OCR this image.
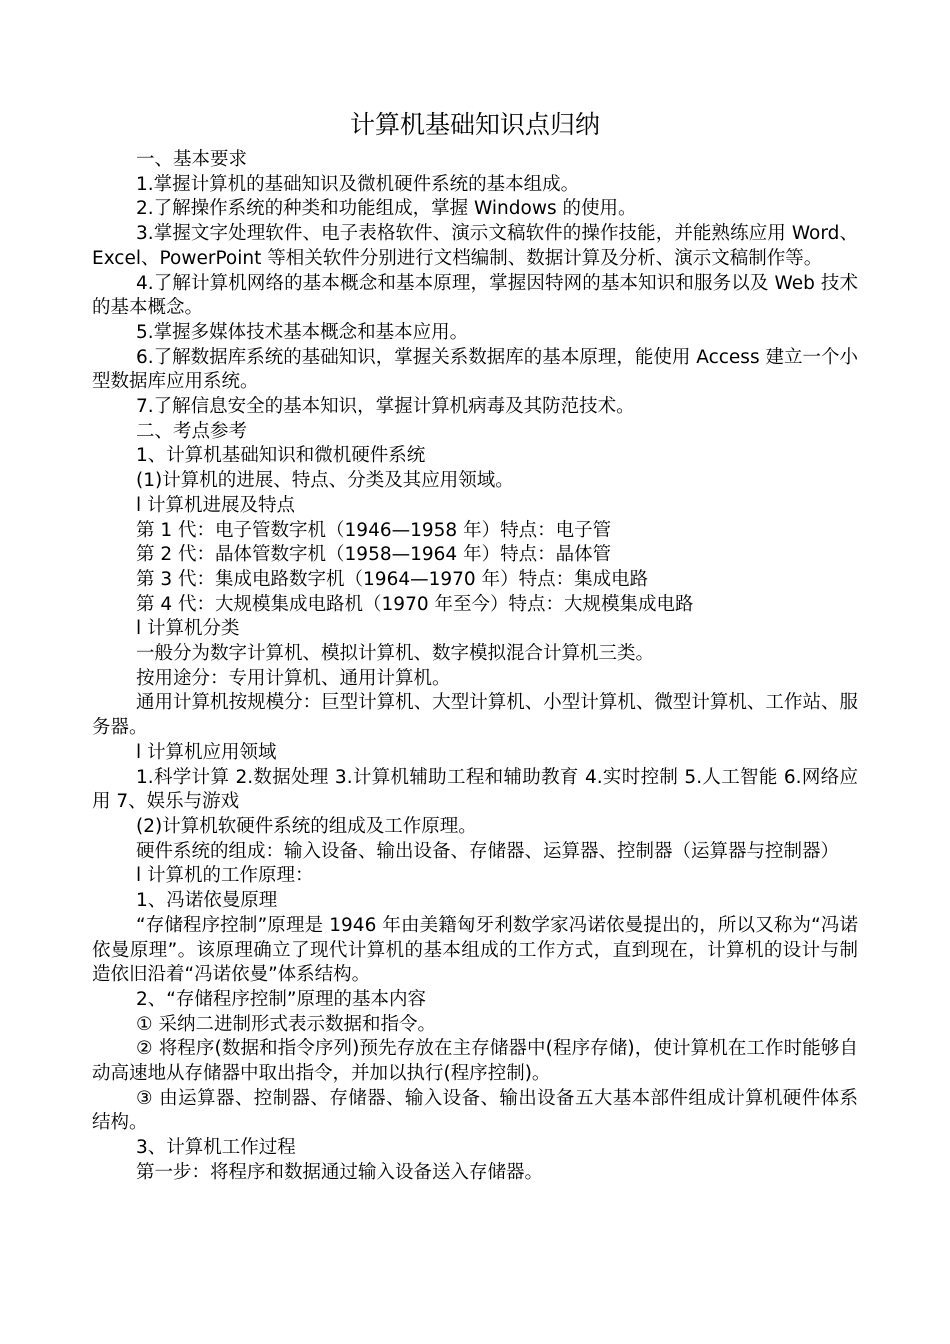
计算机基础知识点归纳

一、基本要求

1.掌握计算机的基础知识及微机硬件系统的基本组成。

2.了解操作系统的种类和功能组成，掌握 Windows 的使用。

3.掌握文字处理软件、电子表格软件、演示文稿软件的操作技能，并能熟练应用 Word、Excel、PowerPoint 等相关软件分别进行文档编制、数据计算及分析、演示文稿制作等。

4.了解计算机网络的基本概念和基本原理，掌握因特网的基本知识和服务以及 Web 技术的基本概念。

5.掌握多媒体技术基本概念和基本应用。

6.了解数据库系统的基础知识，掌握关系数据库的基本原理，能使用 Access 建立一个小型数据库应用系统。

7.了解信息安全的基本知识，掌握计算机病毒及其防范技术。

二、考点参考

1、计算机基础知识和微机硬件系统

(1)计算机的进展、特点、分类及其应用领域。

l 计算机进展及特点

第 1 代：电子管数字机（1946—1958 年）特点：电子管

第 2 代：晶体管数字机（1958—1964 年）特点：晶体管

第 3 代：集成电路数字机（1964—1970 年）特点：集成电路

第 4 代：大规模集成电路机（1970 年至今）特点：大规模集成电路

l 计算机分类

一般分为数字计算机、模拟计算机、数字模拟混合计算机三类。

按用途分：专用计算机、通用计算机。

通用计算机按规模分：巨型计算机、大型计算机、小型计算机、微型计算机、工作站、服务器。

l 计算机应用领域

1.科学计算 2.数据处理 3.计算机辅助工程和辅助教育 4.实时控制 5.人工智能 6.网络应用 7、娱乐与游戏

(2)计算机软硬件系统的组成及工作原理。

硬件系统的组成：输入设备、输出设备、存储器、运算器、控制器（运算器与控制器）

l 计算机的工作原理：

1、冯诺依曼原理

“存储程序控制”原理是 1946 年由美籍匈牙利数学家冯诺依曼提出的，所以又称为“冯诺依曼原理”。该原理确立了现代计算机的基本组成的工作方式，直到现在，计算机的设计与制造依旧沿着“冯诺依曼”体系结构。

2、“存储程序控制”原理的基本内容

① 采纳二进制形式表示数据和指令。

② 将程序(数据和指令序列)预先存放在主存储器中(程序存储)，使计算机在工作时能够自动高速地从存储器中取出指令，并加以执行(程序控制)。

③ 由运算器、控制器、存储器、输入设备、输出设备五大基本部件组成计算机硬件体系结构。

3、计算机工作过程

第一步：将程序和数据通过输入设备送入存储器。
